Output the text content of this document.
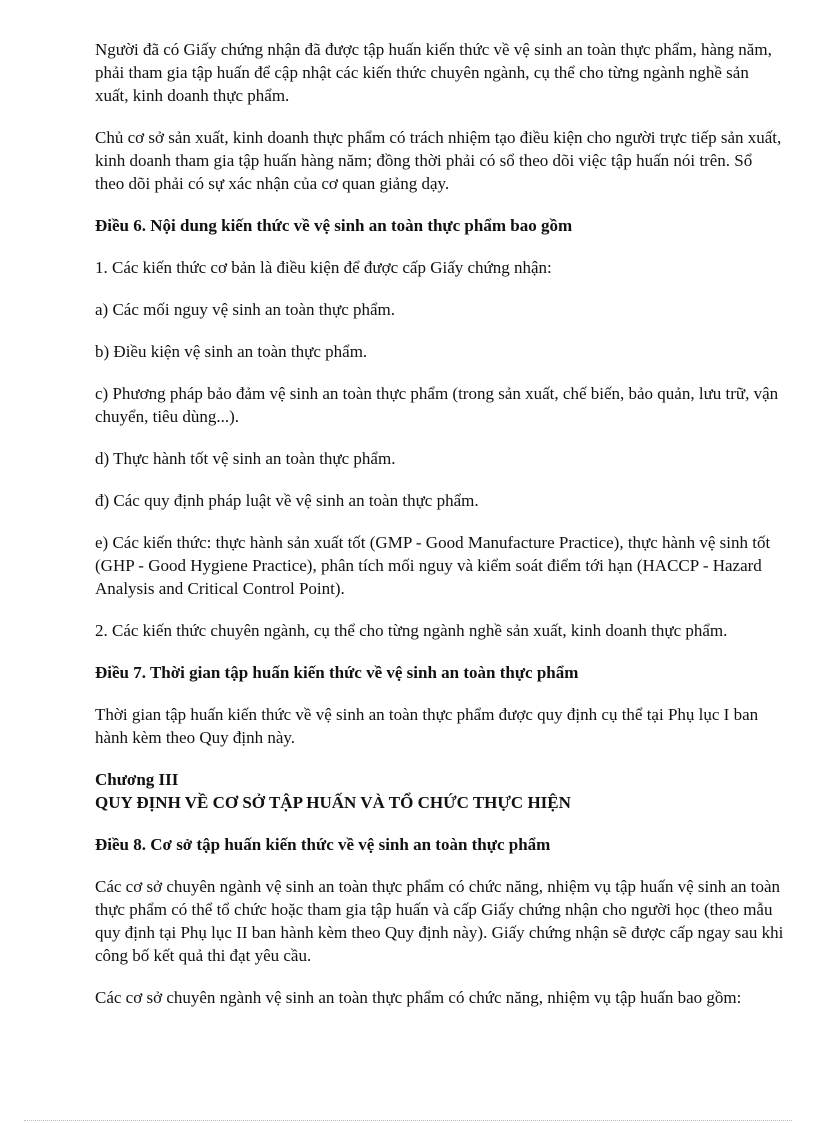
Người đã có Giấy chứng nhận đã được tập huấn kiến thức về vệ sinh an toàn thực phẩm, hàng năm, phải tham gia tập huấn để cập nhật các kiến thức chuyên ngành, cụ thể cho từng ngành nghề sản xuất, kinh doanh thực phẩm.

Chủ cơ sở sản xuất, kinh doanh thực phẩm có trách nhiệm tạo điều kiện cho người trực tiếp sản xuất, kinh doanh tham gia tập huấn hàng năm; đồng thời phải có sổ theo dõi việc tập huấn nói trên. Sổ theo dõi phải có sự xác nhận của cơ quan giảng dạy.

Điều 6. Nội dung kiến thức về vệ sinh an toàn thực phẩm bao gồm

1. Các kiến thức cơ bản là điều kiện để được cấp Giấy chứng nhận:

a) Các mối nguy vệ sinh an toàn thực phẩm.

b) Điều kiện vệ sinh an toàn thực phẩm.

c) Phương pháp bảo đảm vệ sinh an toàn thực phẩm (trong sản xuất, chế biến, bảo quản, lưu trữ, vận chuyển, tiêu dùng...).

d) Thực hành tốt vệ sinh an toàn thực phẩm.

đ) Các quy định pháp luật về vệ sinh an toàn thực phẩm.

e) Các kiến thức: thực hành sản xuất tốt (GMP - Good Manufacture Practice), thực hành vệ sinh tốt (GHP - Good Hygiene Practice), phân tích mối nguy và kiểm soát điểm tới hạn (HACCP - Hazard Analysis and Critical Control Point).

2. Các kiến thức chuyên ngành, cụ thể cho từng ngành nghề sản xuất, kinh doanh thực phẩm.

Điều 7. Thời gian tập huấn kiến thức về vệ sinh an toàn thực phẩm

Thời gian tập huấn kiến thức về vệ sinh an toàn thực phẩm được quy định cụ thể tại Phụ lục I ban hành kèm theo Quy định này.

Chương III
QUY ĐỊNH VỀ CƠ SỞ TẬP HUẤN VÀ TỔ CHỨC THỰC HIỆN

Điều 8. Cơ sở tập huấn kiến thức về vệ sinh an toàn thực phẩm

Các cơ sở chuyên ngành vệ sinh an toàn thực phẩm có chức năng, nhiệm vụ tập huấn vệ sinh an toàn thực phẩm có thể tổ chức hoặc tham gia tập huấn và cấp Giấy chứng nhận cho người học (theo mẫu quy định tại Phụ lục II ban hành kèm theo Quy định này). Giấy chứng nhận sẽ được cấp ngay sau khi công bố kết quả thi đạt yêu cầu.

Các cơ sở chuyên ngành vệ sinh an toàn thực phẩm có chức năng, nhiệm vụ tập huấn bao gồm:
